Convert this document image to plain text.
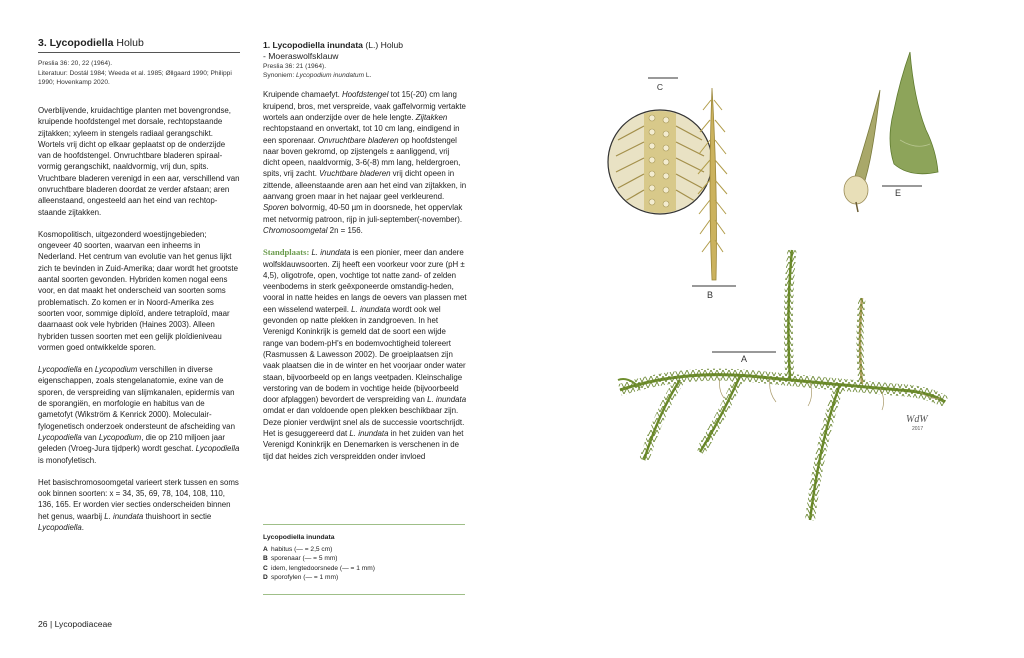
3. Lycopodiella Holub
Preslia 36: 20, 22 (1964).
Literatuur: Dostál 1984; Weeda et al. 1985; Øllgaard 1990; Philippi 1990; Hovenkamp 2020.

Overblijvende, kruidachtige planten met bovengrondse, kruipende hoofdstengel met dorsale, rechtopstaande zijtakken; xyleem in stengels radiaal gerangschikt. Wortels vrij dicht op elkaar geplaatst op de onderzijde van de hoofdstengel. Onvruchtbare bladeren spiraal-vormig gerangschikt, naaldvormig, vrij dun, spits. Vruchtbare bladeren verenigd in een aar, verschillend van onvruchtbare bladeren doordat ze verder afstaan; aren alleenstaand, ongesteeld aan het eind van rechtop-staande zijtakken.

Kosmopolitisch, uitgezonderd woestijngebieden; ongeveer 40 soorten, waarvan een inheems in Nederland. Het centrum van evolutie van het genus lijkt zich te bevinden in Zuid-Amerika; daar wordt het grootste aantal soorten gevonden. Hybriden komen nogal eens voor, en dat maakt het onderscheid van soorten soms problematisch. Zo komen er in Noord-Amerika zes soorten voor, sommige diploïd, andere tetraploïd, maar daarnaast ook vele hybriden (Haines 2003). Alleen hybriden tussen soorten met een gelijk ploïdieniveau vormen goed ontwikkelde sporen.

Lycopodiella en Lycopodium verschillen in diverse eigenschappen, zoals stengelanatomie, exine van de sporen, de verspreiding van slijmkanalen, epidermis van de sporangiën, en morfologie en habitus van de gametofyt (Wikström & Kenrick 2000). Moleculair-fylogenetisch onderzoek ondersteunt de afscheiding van Lycopodiella van Lycopodium, die op 210 miljoen jaar geleden (Vroeg-Jura tijdperk) wordt geschat. Lycopodiella is monofyletisch.

Het basischromosoomgetal varieert sterk tussen en soms ook binnen soorten: x = 34, 35, 69, 78, 104, 108, 110, 136, 165. Er worden vier secties onderscheiden binnen het genus, waarbij L. inundata thuishoort in sectie Lycopodiella.

1. Lycopodiella inundata (L.) Holub
- Moeraswolfsklauw
Preslia 36: 21 (1964).
Synoniem: Lycopodium inundatum L.

Kruipende chamaefyt. Hoofdstengel tot 15(-20) cm lang kruipend, bros, met verspreide, vaak gaffelvormig vertakte wortels aan onderzijde over de hele lengte. Zijtakken rechtopstaand en onvertakt, tot 10 cm lang, eindigend in een sporenaar. Onvruchtbare bladeren op hoofdstengel naar boven gekromd, op zijstengels ± aanliggend, vrij dicht opeen, naaldvormig, 3-6(-8) mm lang, heldergroen, spits, vrij zacht. Vruchtbare bladeren vrij dicht opeen in zittende, alleenstaande aren aan het eind van zijtakken, in aanvang groen maar in het najaar geel verkleurend. Sporen bolvormig, 40-50 µm in doorsnede, het oppervlak met netvormig patroon, rijp in juli-september(-november). Chromosoomgetal 2n = 156.

Standplaats: L. inundata is een pionier, meer dan andere wolfsklauwsoorten. Zij heeft een voorkeur voor zure (pH ± 4,5), oligotrofe, open, vochtige tot natte zand- of zelden veenbodems in sterk geëxponeerde omstandig-heden, vooral in natte heides en langs de oevers van plassen met een wisselend waterpeil. L. inundata wordt ook wel gevonden op natte plekken in zandgroeven. In het Verenigd Koninkrijk is gemeld dat de soort een wijde range van bodem-pH's en bodemvochtigheid tolereert (Rasmussen & Lawesson 2002). De groeiplaatsen zijn vaak plaatsen die in de winter en het voorjaar onder water staan, bijvoorbeeld op en langs veetpaden. Kleinschalige verstoring van de bodem in vochtige heide (bijvoorbeeld door afplaggen) bevordert de verspreiding van L. inundata omdat er dan voldoende open plekken beschikbaar zijn. Deze pionier verdwijnt snel als de successie voortschrijdt. Het is gesuggereerd dat L. inundata in het zuiden van het Verenigd Koninkrijk en Denemarken is verschenen in de tijd dat heides zich verspreidden onder invloed

Lycopodiella inundata
A habitus (— = 2,5 cm)
B sporenaar (— = 5 mm)
C idem, lengtedoorsnede (— = 1 mm)
D sporofylen (— = 1 mm)
26 | Lycopodiaceae
C
B
E
A
WdW
2017
